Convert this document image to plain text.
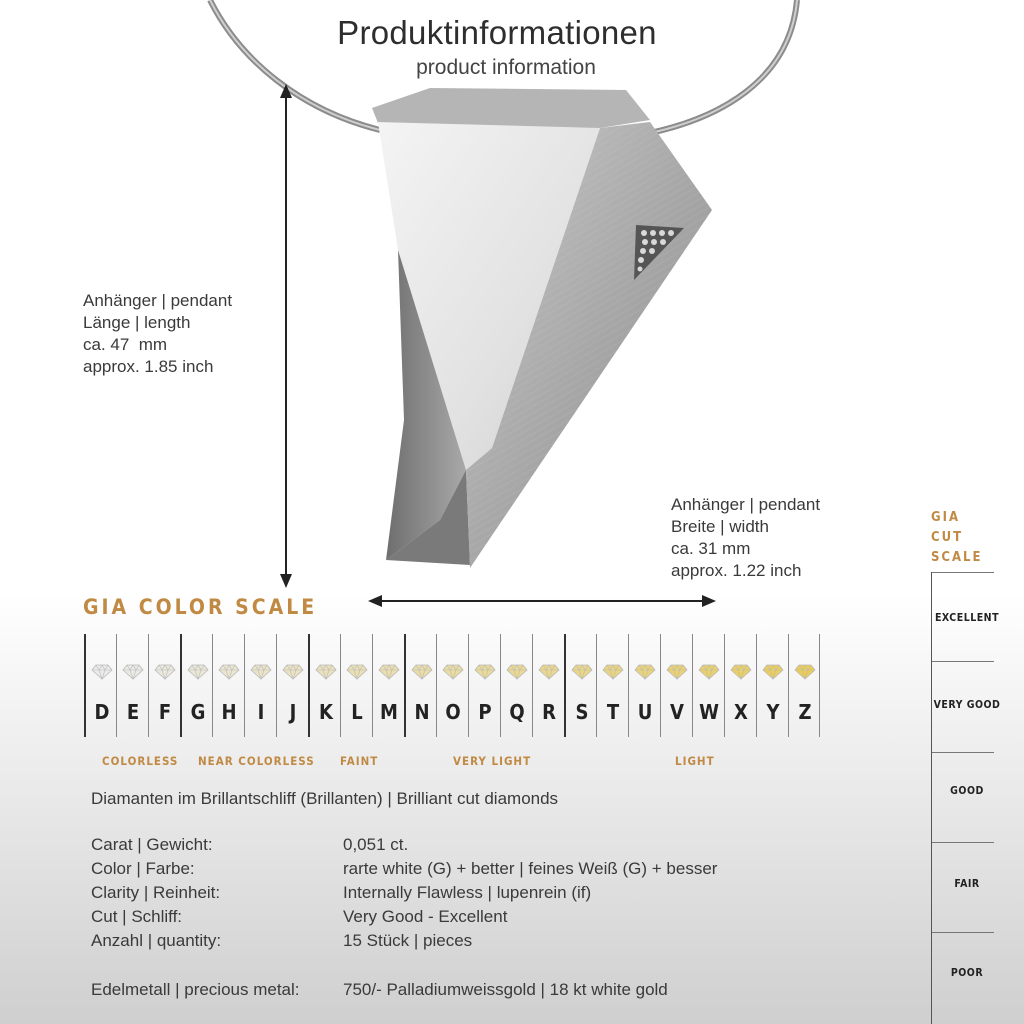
Produktinformationen
product information
Anhänger | pendant
Länge | length
ca. 47  mm
approx. 1.85 inch
Anhänger | pendant
Breite | width
ca. 31 mm
approx. 1.22 inch
GIA COLOR SCALE
D E F G H	I	J	K L M N O P Q R S T U V W X Y Z
COLORLESS NEAR COLORLESS FAINT	VERY LIGHT	LIGHT
Diamanten im Brillantschliff (Brillanten) | Brilliant cut diamonds
Carat | Gewicht:	0,051 ct.
Color | Farbe:	rarte white (G) + better | feines Weiß (G) + besser
Clarity | Reinheit:	Internally Flawless | lupenrein (if)
Cut | Schliff:	Very Good - Excellent
Anzahl | quantity:	15 Stück | pieces
Edelmetall | precious metal:	750/- Palladiumweissgold | 18 kt white gold
GIA
CUT
SCALE
EXCELLENT
VERY GOOD
GOOD
FAIR
POOR
